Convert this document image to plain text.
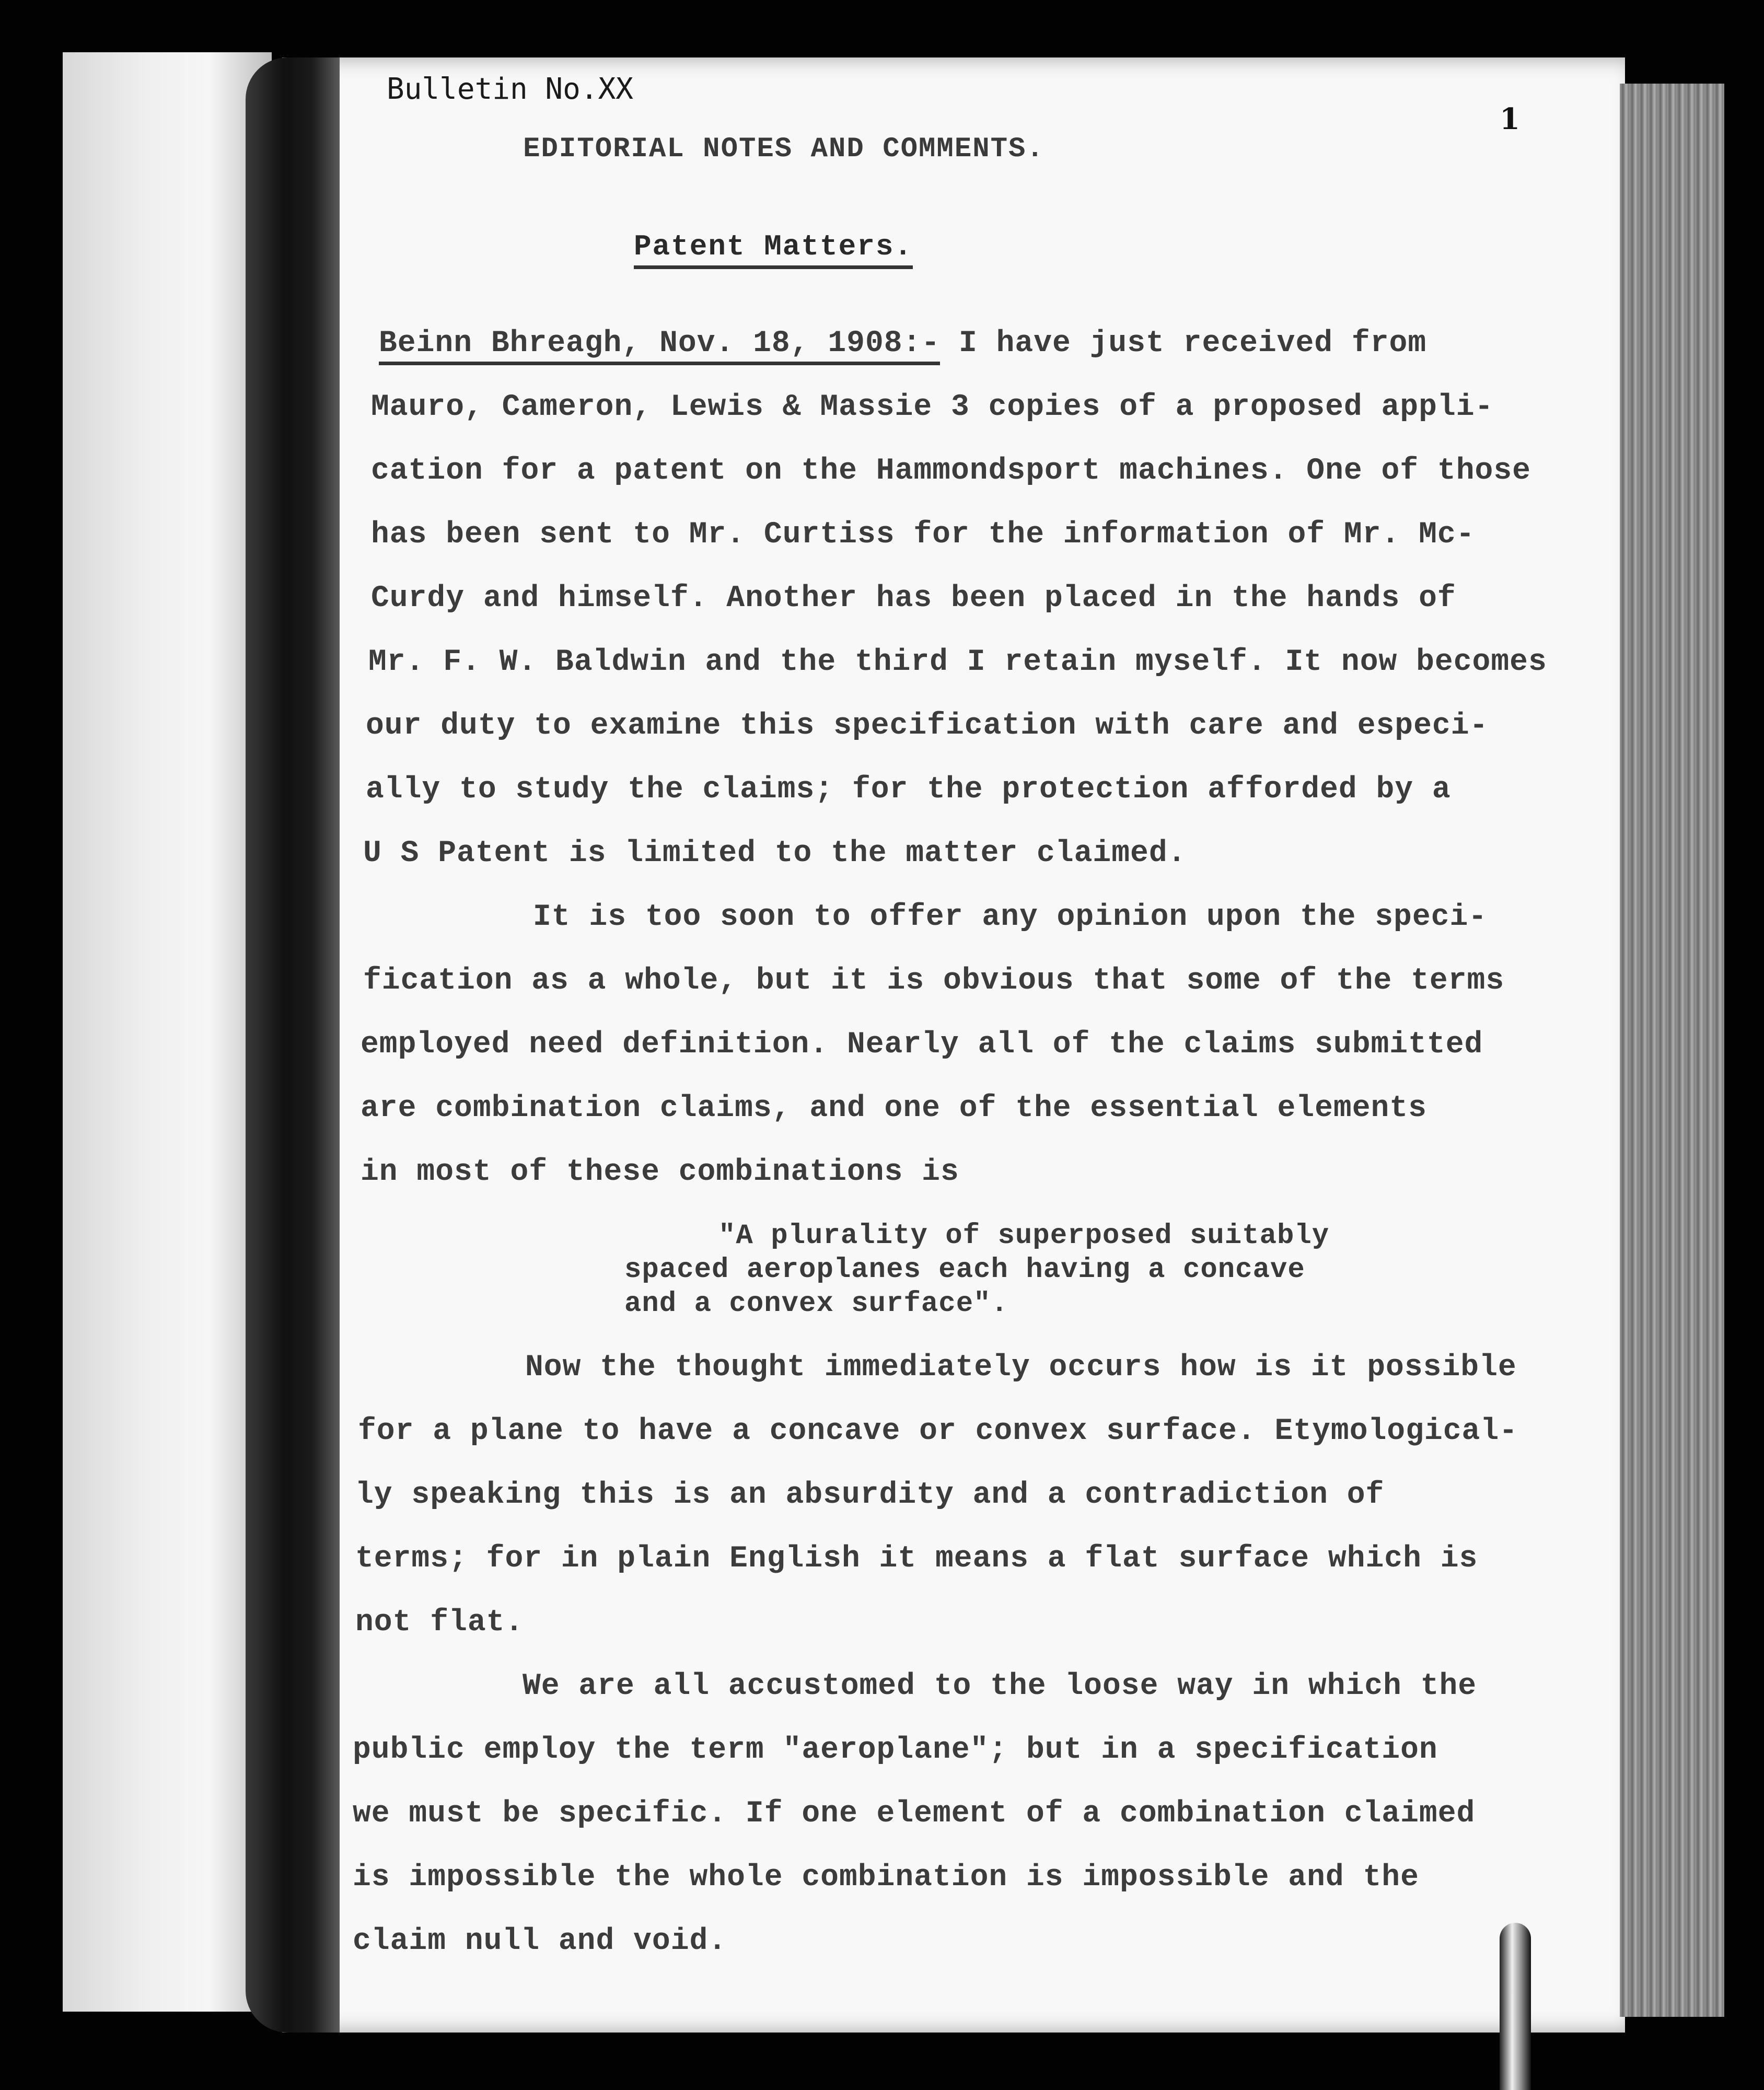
Bulletin No.XX
1
EDITORIAL NOTES AND COMMENTS.
Patent Matters.
Beinn Bhreagh, Nov. 18, 1908:- I have just received from
Mauro, Cameron, Lewis & Massie 3 copies of a proposed appli-
cation for a patent on the Hammondsport machines. One of those
has been sent to Mr. Curtiss for the information of Mr. Mc-
Curdy and himself. Another has been placed in the hands of
Mr. F. W. Baldwin and the third I retain myself. It now becomes
our duty to examine this specification with care and especi-
ally to study the claims; for the protection afforded by a
U S Patent is limited to the matter claimed.
It is too soon to offer any opinion upon the speci-
fication as a whole, but it is obvious that some of the terms
employed need definition. Nearly all of the claims submitted
are combination claims, and one of the essential elements
in most of these combinations is
"A plurality of superposed suitably
spaced aeroplanes each having a concave
and a convex surface".
Now the thought immediately occurs how is it possible
for a plane to have a concave or convex surface. Etymological-
ly speaking this is an absurdity and a contradiction of
terms; for in plain English it means a flat surface which is
not flat.
We are all accustomed to the loose way in which the
public employ the term "aeroplane"; but in a specification
we must be specific. If one element of a combination claimed
is impossible the whole combination is impossible and the
claim null and void.
